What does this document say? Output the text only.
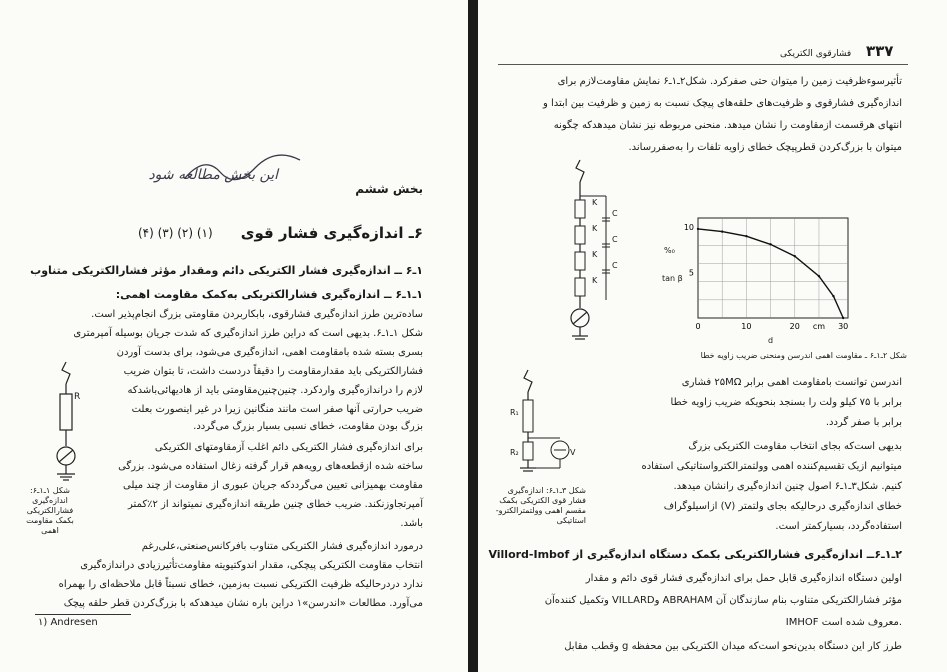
این بخش مطالعه شود
بخش ششم
۶ـ اندازه‌گیری فشار قوی
(۴) (۳) (۲) (۱)
۱ـ۶ ــ اندازه‌گیری فشار الکتریکی دائم ومقدار مؤثر فشارالکتریکی متناوب
۱ـ۱ـ۶ ــ اندازه‌گیری فشارالکتریکی به‌کمک مقاومت اهمی:
ساده‌ترین طرز اندازه‌گیری فشارقوی، بابکاربردن مقاومتی بزرگ انجام‌پذیر است.
شکل ۱ـ۱ـ۶. بدیهی است که دراین طرز اندازه‌گیری که شدت جریان بوسیله آمپرمتری
بسری بسته شده بامقاومت اهمی، اندازه‌گیری می‌شود، برای بدست آوردن
فشارالکتریکی باید مقدارمقاومت را دقیقاً دردست داشت، تا بتوان ضریب
لازم را دراندازه‌گیری واردکرد. چنین‌چنین‌مقاومتی باید از هادیهائی‌باشدکه
ضریب حرارتی آنها صفر است مانند منگانین زیرا در غیر اینصورت بعلت
بزرگ بودن مقاومت، خطای نسبی بسیار بزرگ می‌گردد.
برای اندازه‌گیری فشار الکتریکی دائم اغلب آزمقاومتهای الکتریکی
ساخته شده ازقطعه‌های رویه‌هم قرار گرفته زغال استفاده می‌شود. بزرگی
مقاومت بهمیزانی تعیین می‌گرددکه جریان عبوری از مقاومت از چند میلی
آمپرتجاوزنکند. ضریب خطای چنین طریقه اندازه‌گیری نمیتواند از ۲٪کمتر
باشد.
درمورد اندازه‌گیری فشار الکتریکی متناوب بافرکانس‌صنعتی،علی‌رغم
انتخاب مقاومت الکتریکی پیچکی، مقدار اندوکتیویته مقاومت‌تأثیرزیادی دراندازه‌گیری
ندارد دردرحالیکه ظرفیت الکتریکی نسبت به‌زمین، خطای نسبتاً قابل ملاحظه‌ای را بهمراه
می‌آورد. مطالعات «اندرسن»۱ دراین باره نشان میدهدکه با بزرگ‌کردن قطر حلقه پیچک
۱) Andresen
R
شکل ۱ـ۱ـ۶:
اندازه‌گیری
فشارالکتریکی
بکمک مقاومت
اهمی
۳۳۷
فشارقوی الکتریکی
تأثیرسوءظرفیت زمین را میتوان حتی صفرکرد. شکل۲ـ۱ـ۶ نمایش مقاومت‌لازم برای
اندازه‌گیری فشارقوی و ظرفیت‌های حلقه‌های پیچک نسبت به زمین و ظرفیت بین ابتدا و
انتهای هرقسمت ازمقاومت را نشان میدهد. منحنی مربوطه نیز نشان میدهدکه چگونه
میتوان با بزرگ‌کردن قطرپیچک خطای زاویه تلفات را به‌صفررساند.
K
K
K
K
C
C
C
10
5
0	10	20 cm 30
%₀
tan β
d
شکل ۲ـ۱ـ۶ ـ مقاومت اهمی اندرسن ومنحنی ضریب زاویه خطا
اندرسن توانست بامقاومت اهمی برابر ۲۵MΩ فشاری
برابر با ۷۵ کیلو ولت را بسنجد بنحویکه ضریب زاویه خطا
برابر با صفر گردد.
بدیهی است‌که بجای انتخاب مقاومت الکتریکی بزرگ
میتوانیم ازیک تقسیم‌کننده اهمی وولتمترالکترواستاتیکی استفاده
کنیم. شکل۳ـ۱ـ۶ اصول چنین اندازه‌گیری رانشان میدهد.
خطای اندازه‌گیری درحالیکه بجای ولتمتر (V) ازاسیلوگراف
استفاده‌گردد، بسیارکمتر است.
R₁
R₂	V
شکل ۳ـ۱ـ۶: اندازه‌گیری
فشار قوی الکتریکی بکمک
مقسم اهمی وولتمترالکترو-
استاتیکی
۲ـ۱ـ۶ــ اندازه‌گیری فشارالکتریکی بکمک دستگاه اندازه‌گیری از Villord-Imbof
اولین دستگاه اندازه‌گیری قابل حمل برای اندازه‌گیری فشار قوی دائم و مقدار
مؤثر فشارالکتریکی متناوب بنام سازندگان آن ABRAHAM وVILLARD وتکمیل کننده‌آن
IMHOF معروف شده است.
طرز کار این دستگاه بدین‌نحو است‌که میدان الکتریکی بین محفظه g وقطب مقابل
